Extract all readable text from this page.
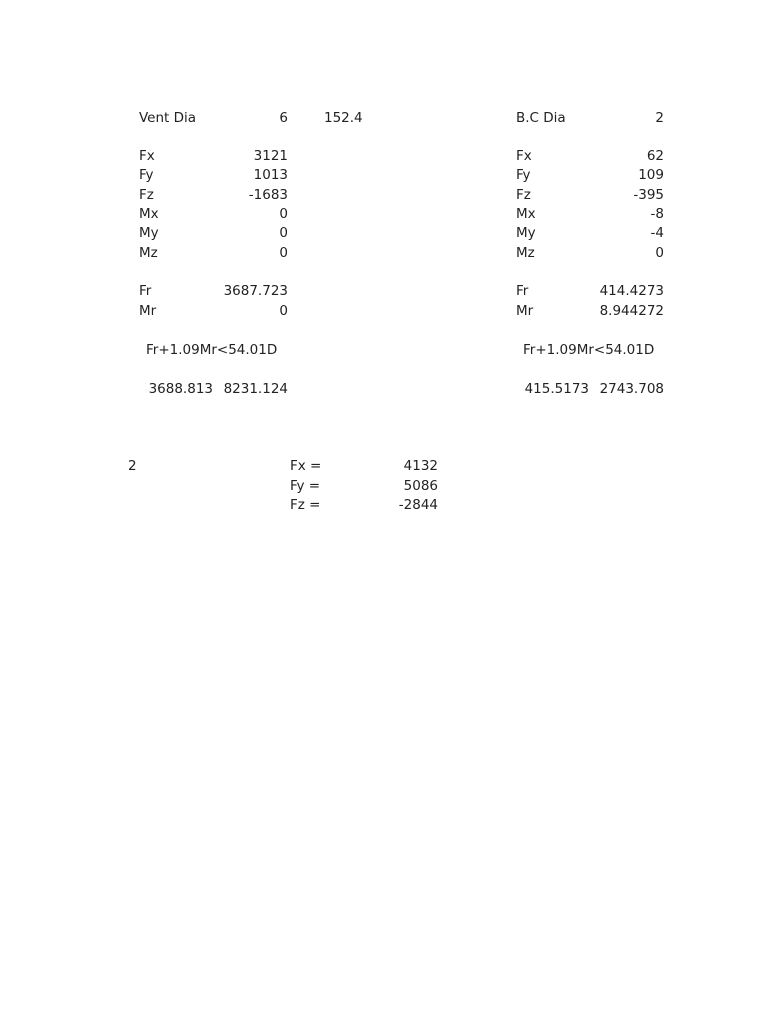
Vent Dia	6	152.4
Fx	3121
Fy	1013
Fz	-1683
Mx	0
My	0
Mz	0
Fr	3687.723
Mr	0
Fr+1.09Mr<54.01D
3688.813 8231.124
B.C Dia	2
Fx	62
Fy	109
Fz	-395
Mx	-8
My	-4
Mz	0
Fr	414.4273
Mr	8.944272
Fr+1.09Mr<54.01D
415.5173 2743.708
2	Fx =	4132
Fy =	5086
Fz =	-2844
